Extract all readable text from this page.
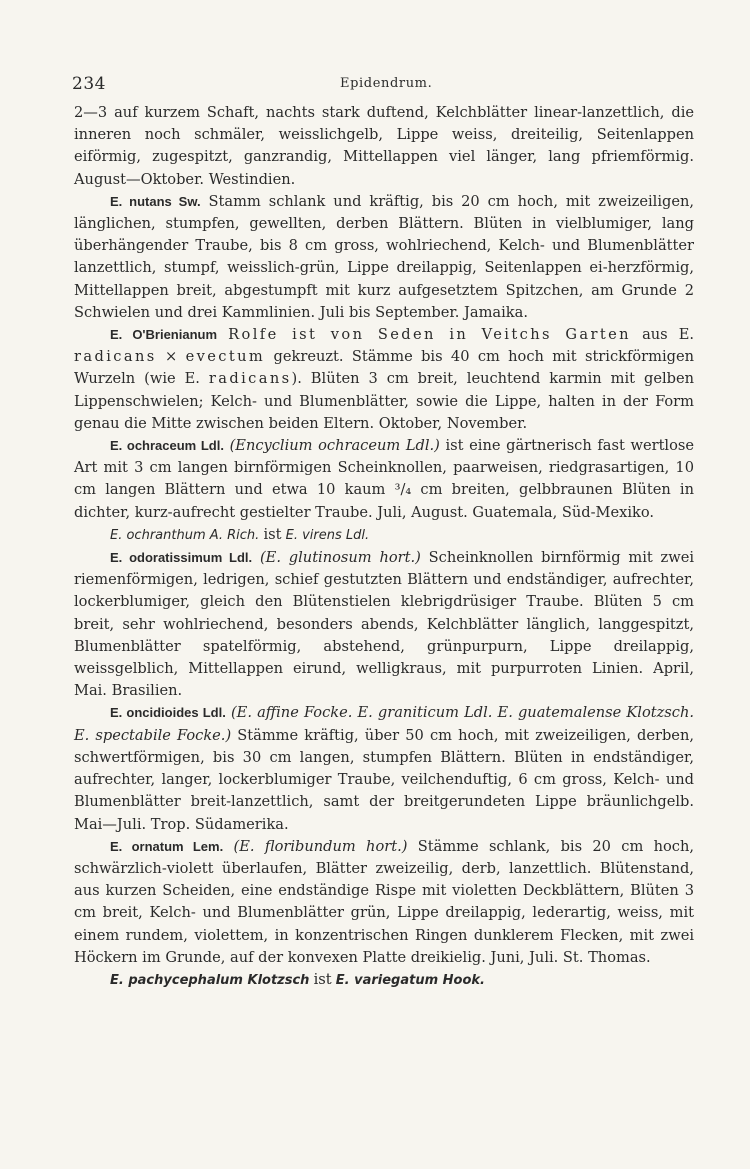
234	Epidendrum.

2—3 auf kurzem Schaft, nachts stark duftend, Kelchblätter linear-lanzettlich, die inneren noch schmäler, weisslichgelb, Lippe weiss, dreiteilig, Seitenlappen eiförmig, zugespitzt, ganzrandig, Mittellappen viel länger, lang pfriemförmig. August—Oktober. Westindien.

E. nutans Sw. Stamm schlank und kräftig, bis 20 cm hoch, mit zweizeiligen, länglichen, stumpfen, gewellten, derben Blättern. Blüten in vielblumiger, lang überhängender Traube, bis 8 cm gross, wohlriechend, Kelch- und Blumenblätter lanzettlich, stumpf, weisslich-grün, Lippe dreilappig, Seitenlappen ei-herzförmig, Mittellappen breit, abgestumpft mit kurz aufgesetztem Spitzchen, am Grunde 2 Schwielen und drei Kammlinien. Juli bis September. Jamaika.

E. O'Brienianum Rolfe ist von Seden in Veitchs Garten aus E. radicans × evectum gekreuzt. Stämme bis 40 cm hoch mit strickförmigen Wurzeln (wie E. radicans). Blüten 3 cm breit, leuchtend karmin mit gelben Lippenschwielen; Kelch- und Blumenblätter, sowie die Lippe, halten in der Form genau die Mitte zwischen beiden Eltern. Oktober, November.

E. ochraceum Ldl. (Encyclium ochraceum Ldl.) ist eine gärtnerisch fast wertlose Art mit 3 cm langen birnförmigen Scheinknollen, paarweisen, riedgrasartigen, 10 cm langen Blättern und etwa 10 kaum ³/₄ cm breiten, gelbbraunen Blüten in dichter, kurz-aufrecht gestielter Traube. Juli, August. Guatemala, Süd-Mexiko.

E. ochranthum A. Rich. ist E. virens Ldl.

E. odoratissimum Ldl. (E. glutinosum hort.) Scheinknollen birnförmig mit zwei riemenförmigen, ledrigen, schief gestutzten Blättern und endständiger, aufrechter, lockerblumiger, gleich den Blütenstielen klebrigdrüsiger Traube. Blüten 5 cm breit, sehr wohlriechend, besonders abends, Kelchblätter länglich, langgespitzt, Blumenblätter spatelförmig, abstehend, grünpurpurn, Lippe dreilappig, weissgelblich, Mittellappen eirund, welligkraus, mit purpurroten Linien. April, Mai. Brasilien.

E. oncidioides Ldl. (E. affine Focke. E. graniticum Ldl. E. guatemalense Klotzsch. E. spectabile Focke.) Stämme kräftig, über 50 cm hoch, mit zweizeiligen, derben, schwertförmigen, bis 30 cm langen, stumpfen Blättern. Blüten in endständiger, aufrechter, langer, lockerblumiger Traube, veilchenduftig, 6 cm gross, Kelch- und Blumenblätter breit-lanzettlich, samt der breitgerundeten Lippe bräunlichgelb. Mai—Juli. Trop. Südamerika.

E. ornatum Lem. (E. floribundum hort.) Stämme schlank, bis 20 cm hoch, schwärzlich-violett überlaufen, Blätter zweizeilig, derb, lanzettlich. Blütenstand, aus kurzen Scheiden, eine endständige Rispe mit violetten Deckblättern, Blüten 3 cm breit, Kelch- und Blumenblätter grün, Lippe dreilappig, lederartig, weiss, mit einem rundem, violettem, in konzentrischen Ringen dunklerem Flecken, mit zwei Höckern im Grunde, auf der konvexen Platte dreikielig. Juni, Juli. St. Thomas.

E. pachycephalum Klotzsch ist E. variegatum Hook.
